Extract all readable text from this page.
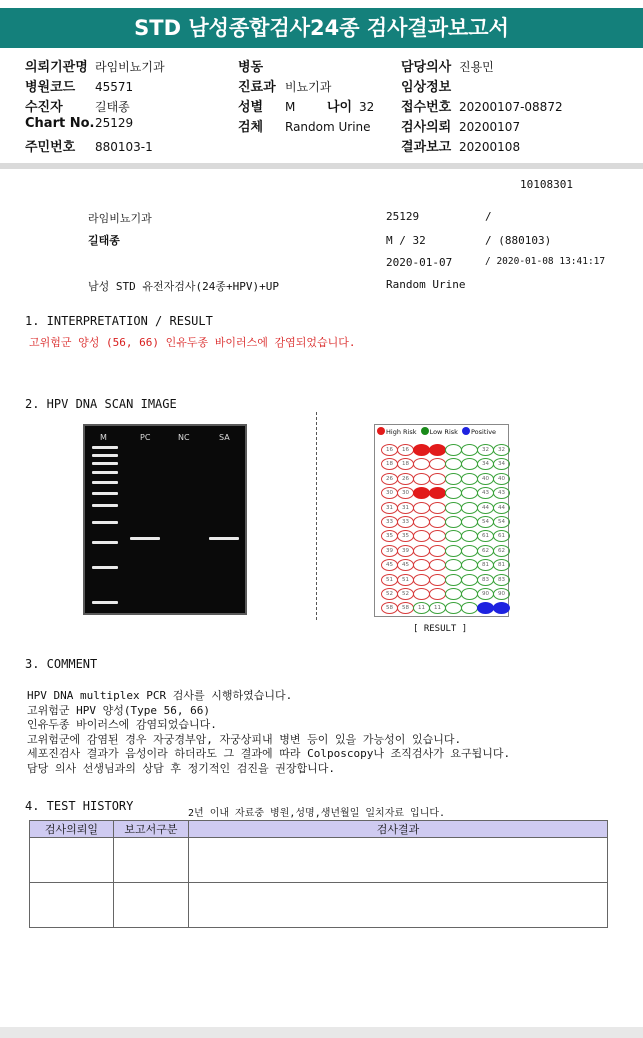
STD 남성종합검사24종 검사결과보고서
의뢰기관명 라임비뇨기과
병원코드 45571
수진자	길태종
Chart No.25129
주민번호 880103-1
병동
진료과 비뇨기과
성별 M 나이 32
검체 Random Urine
담당의사 진용민
임상정보
접수번호 20200107-08872
검사의뢰 20200107
결과보고 20200108
10108301
라임비뇨기과	25129	/
길태종	M / 32	/ (880103)
2020-01-07	/ 2020-01-08 13:41:17
남성 STD 유전자검사(24종+HPV)+UP	Random Urine
1. INTERPRETATION / RESULT
고위험군 양성 (56, 66) 인유두종 바이러스에 감염되었습니다.
2. HPV DNA SCAN IMAGE
M	PC	NC	SA
High Risk Low Risk Positive
16	16	32	32
18	18	34	34
26	26	40	40
30	30	43	43
31	31	44	44
33	33	54	54
35	35	61	61
39	39	62	62
45	45	81	81
51	51	83	83
52	52	90	90
58	58	11	11
[ RESULT ]
3. COMMENT
HPV DNA multiplex PCR 검사를 시행하였습니다.
고위험군 HPV 양성(Type 56, 66)
인유두종 바이러스에 감염되었습니다.
고위험군에 감염된 경우 자궁경부암, 자궁상피내 병변 등이 있을 가능성이 있습니다.
세포진검사 결과가 음성이라 하더라도 그 결과에 따라 Colposcopy나 조직검사가 요구됩니다.
담당 의사 선생님과의 상담 후 정기적인 검진을 권장합니다.
4. TEST HISTORY
2년 이내 자료중 병원,성명,생년월일 일치자료 입니다.
검사의뢰일	보고서구분	검사결과
